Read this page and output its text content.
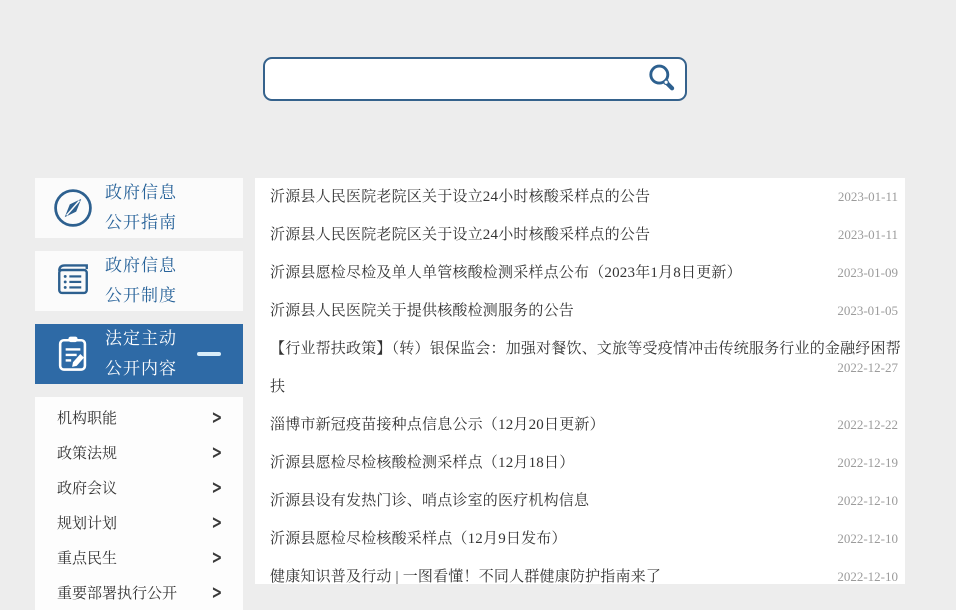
政府信息
公开指南
政府信息
公开制度
法定主动
公开内容
机构职能	>
政策法规	>
政府会议	>
规划计划	>
重点民生	>
重要部署执行公开 >
沂源县人民医院老院区关于设立24小时核酸采样点的公告	2023-01-11
沂源县人民医院老院区关于设立24小时核酸采样点的公告	2023-01-11
沂源县愿检尽检及单人单管核酸检测采样点公布（2023年1月8日更新）	2023-01-09
沂源县人民医院关于提供核酸检测服务的公告	2023-01-05
【行业帮扶政策】（转）银保监会：加强对餐饮、文旅等受疫情冲击传统服务行业的金融纾困帮扶
2022-12-27
淄博市新冠疫苗接种点信息公示（12月20日更新）	2022-12-22
沂源县愿检尽检核酸检测采样点（12月18日）	2022-12-19
沂源县设有发热门诊、哨点诊室的医疗机构信息	2022-12-10
沂源县愿检尽检核酸采样点（12月9日发布）	2022-12-10
健康知识普及行动 | 一图看懂！不同人群健康防护指南来了	2022-12-10
